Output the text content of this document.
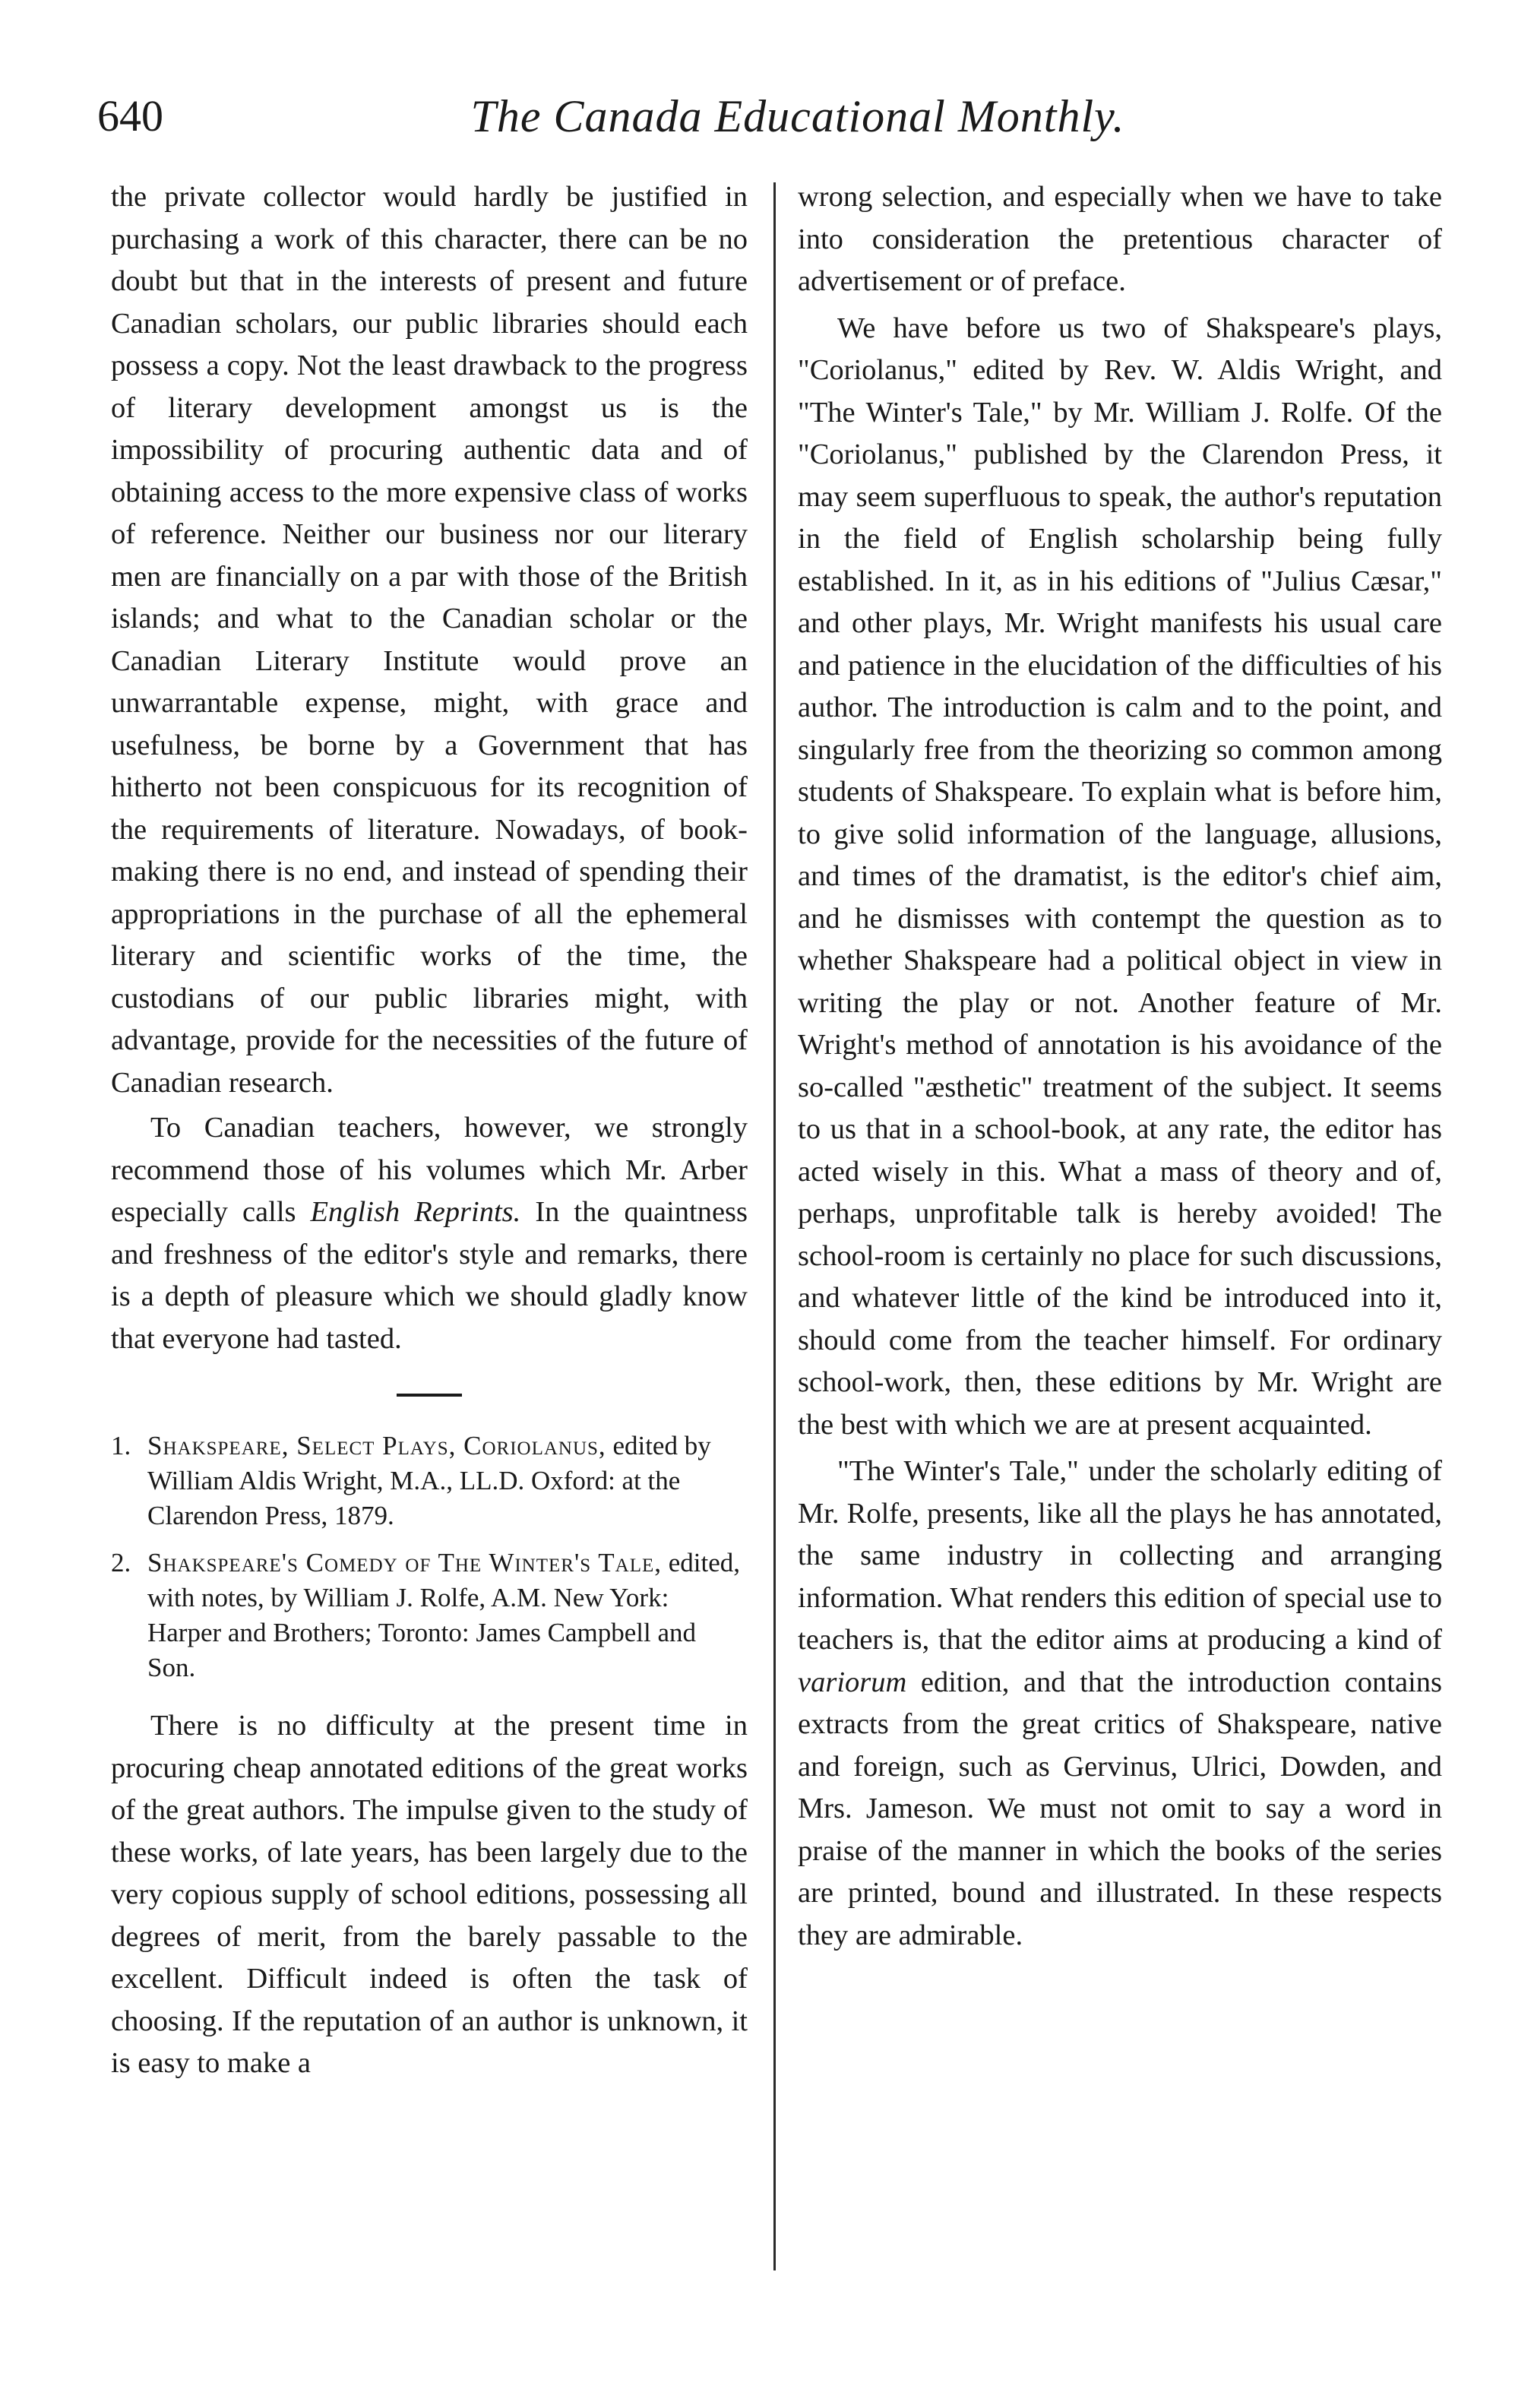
640	The Canada Educational Monthly.

the private collector would hardly be justified in purchasing a work of this character, there can be no doubt but that in the interests of present and future Canadian scholars, our public libraries should each possess a copy. Not the least drawback to the progress of literary development amongst us is the impossibility of procuring authentic data and of obtaining access to the more expensive class of works of reference. Neither our business nor our literary men are financially on a par with those of the British islands; and what to the Canadian scholar or the Canadian Literary Institute would prove an unwarrantable expense, might, with grace and usefulness, be borne by a Government that has hitherto not been conspicuous for its recognition of the requirements of literature. Nowadays, of book-making there is no end, and instead of spending their appropriations in the purchase of all the ephemeral literary and scientific works of the time, the custodians of our public libraries might, with advantage, provide for the necessities of the future of Canadian research.

To Canadian teachers, however, we strongly recommend those of his volumes which Mr. Arber especially calls English Reprints. In the quaintness and freshness of the editor's style and remarks, there is a depth of pleasure which we should gladly know that everyone had tasted.

1. Shakspeare, Select Plays, Coriolanus, edited by William Aldis Wright, M.A., LL.D. Oxford: at the Clarendon Press, 1879.
2. Shakspeare's Comedy of The Winter's Tale, edited, with notes, by William J. Rolfe, A.M. New York: Harper and Brothers; Toronto: James Campbell and Son.

There is no difficulty at the present time in procuring cheap annotated editions of the great works of the great authors. The impulse given to the study of these works, of late years, has been largely due to the very copious supply of school editions, possessing all degrees of merit, from the barely passable to the excellent. Difficult indeed is often the task of choosing. If the reputation of an author is unknown, it is easy to make a

wrong selection, and especially when we have to take into consideration the pretentious character of advertisement or of preface.

We have before us two of Shakspeare's plays, "Coriolanus," edited by Rev. W. Aldis Wright, and "The Winter's Tale," by Mr. William J. Rolfe. Of the "Coriolanus," published by the Clarendon Press, it may seem superfluous to speak, the author's reputation in the field of English scholarship being fully established. In it, as in his editions of "Julius Cæsar," and other plays, Mr. Wright manifests his usual care and patience in the elucidation of the difficulties of his author. The introduction is calm and to the point, and singularly free from the theorizing so common among students of Shakspeare. To explain what is before him, to give solid information of the language, allusions, and times of the dramatist, is the editor's chief aim, and he dismisses with contempt the question as to whether Shakspeare had a political object in view in writing the play or not. Another feature of Mr. Wright's method of annotation is his avoidance of the so-called "æsthetic" treatment of the subject. It seems to us that in a school-book, at any rate, the editor has acted wisely in this. What a mass of theory and of, perhaps, unprofitable talk is hereby avoided! The school-room is certainly no place for such discussions, and whatever little of the kind be introduced into it, should come from the teacher himself. For ordinary school-work, then, these editions by Mr. Wright are the best with which we are at present acquainted.

"The Winter's Tale," under the scholarly editing of Mr. Rolfe, presents, like all the plays he has annotated, the same industry in collecting and arranging information. What renders this edition of special use to teachers is, that the editor aims at producing a kind of variorum edition, and that the introduction contains extracts from the great critics of Shakspeare, native and foreign, such as Gervinus, Ulrici, Dowden, and Mrs. Jameson. We must not omit to say a word in praise of the manner in which the books of the series are printed, bound and illustrated. In these respects they are admirable.
